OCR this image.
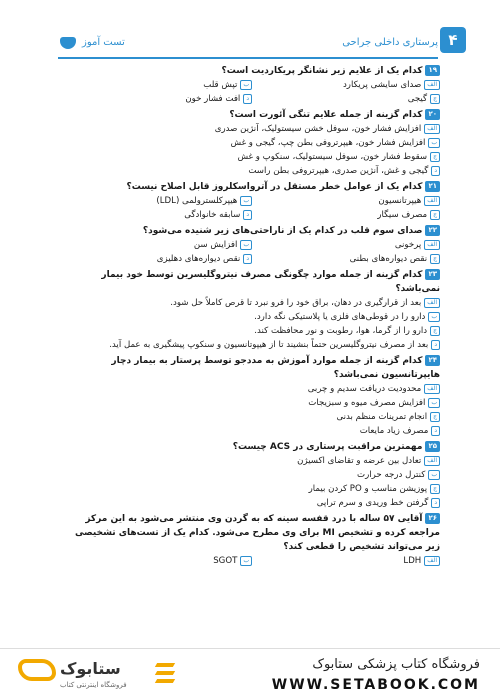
پرستاری داخلی جراحی
تست آموز	۴
۱۹کدام یک از علایم زیر نشانگر پریکاردیت است؟
الفصدای سایشی پریکارد
بتپش قلب
جگیجی
دافت فشار خون
۲۰کدام گزینه از جمله علایم تنگی آئورت است؟
الفافزایش فشار خون، سوفل خشن سیستولیک، آنژین صدری
بافزایش فشار خون، هیپرتروفی بطن چپ، گیجی و غش
جسقوط فشار خون، سوفل سیستولیک، سنکوپ و غش
دگیجی و غش، آنژین صدری، هیپرتروفی بطن راست
۲۱کدام یک از عوامل خطر مستقل در آترواسکلروز قابل اصلاح نیست؟
الفهیپرتانسیون
بهیپرکلسترولمی (LDL)
جمصرف سیگار
دسابقه خانوادگی
۲۲صدای سوم قلب در کدام یک از ناراحتی‌های زیر شنیده می‌شود؟
الفپرخونی
بافزایش سن
جنقص دیواره‌های بطنی
دنقص دیواره‌های دهلیزی
۲۳کدام گزینه از جمله موارد چگونگی مصرف نیتروگلیسرین توسط خود بیمار نمی‌باشد؟
الفبعد از قرارگیری در دهان، براق خود را فرو نبرد تا قرص کاملاً حل شود.
بدارو را در قوطی‌های فلزی یا پلاستیکی نگه دارد.
جدارو را از گرما، هوا، رطوبت و نور محافظت کند.
دبعد از مصرف نیتروگلیسرین حتماً بنشیند تا از هیپوتانسیون و سنکوپ پیشگیری به عمل آید.
۲۴کدام گزینه از جمله موارد آموزش به مددجو توسط پرستار به بیمار دچار هایپرتانسیون نمی‌باشد؟
الفمحدودیت دریافت سدیم و چربی
بافزایش مصرف میوه و سبزیجات
جانجام تمرینات منظم بدنی
دمصرف زیاد مایعات
۲۵مهمترین مراقبت پرستاری در ACS چیست؟
الفتعادل بین عرضه و تقاضای اکسیژن
بکنترل درجه حرارت
جپوزیشن مناسب و PO کردن بیمار
دگرفتن خط وریدی و سرم تراپی
۲۶آقایی ۵۷ ساله با درد قفسه سینه که به گردن وی منتشر می‌شود به این مرکز مراجعه کرده و تشخیص MI برای وی مطرح می‌شود. کدام یک از تست‌های تشخیصی زیر می‌تواند تشخیص را قطعی کند؟
الفLDH
بSGOT
ستابوک
فروشگاه اینترنتی کتاب
فروشگاه کتاب پزشکی ستابوک
WWW.SETABOOK.COM
